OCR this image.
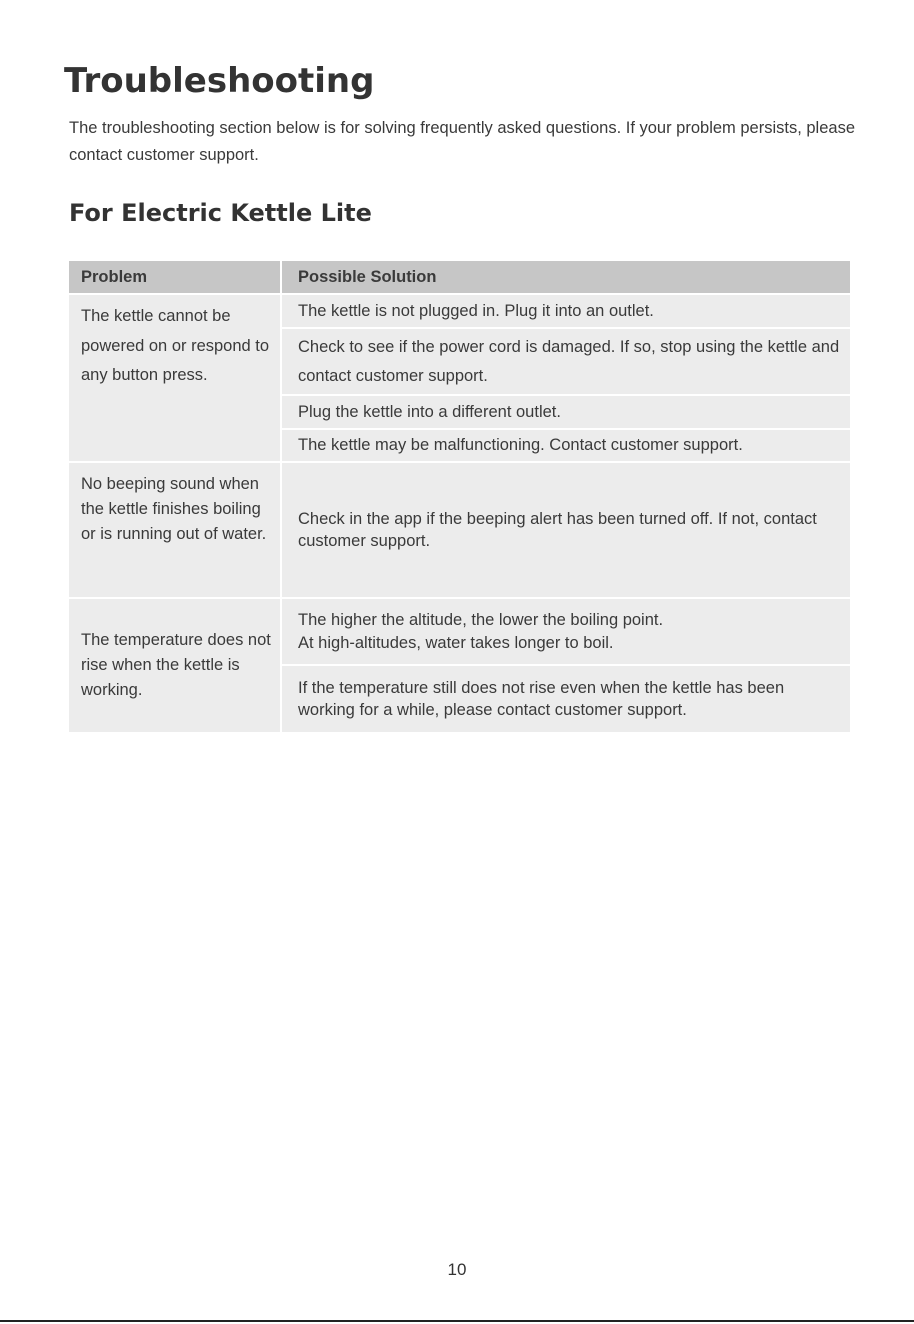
Troubleshooting

The troubleshooting section below is for solving frequently asked questions. If your problem persists, please contact customer support.

For Electric Kettle Lite
Problem	Possible Solution
The kettle cannot be powered on or respond to any button press.
The kettle is not plugged in. Plug it into an outlet.
Check to see if the power cord is damaged. If so, stop using the kettle and contact customer support.
Plug the kettle into a different outlet.
The kettle may be malfunctioning. Contact customer support.
No beeping sound when the kettle finishes boiling or is running out of water.
Check in the app if the beeping alert has been turned off. If not, contact customer support.
The temperature does not rise when the kettle is working.
The higher the altitude, the lower the boiling point.
At high-altitudes, water takes longer to boil.
If the temperature still does not rise even when the kettle has been working for a while, please contact customer support.
10
